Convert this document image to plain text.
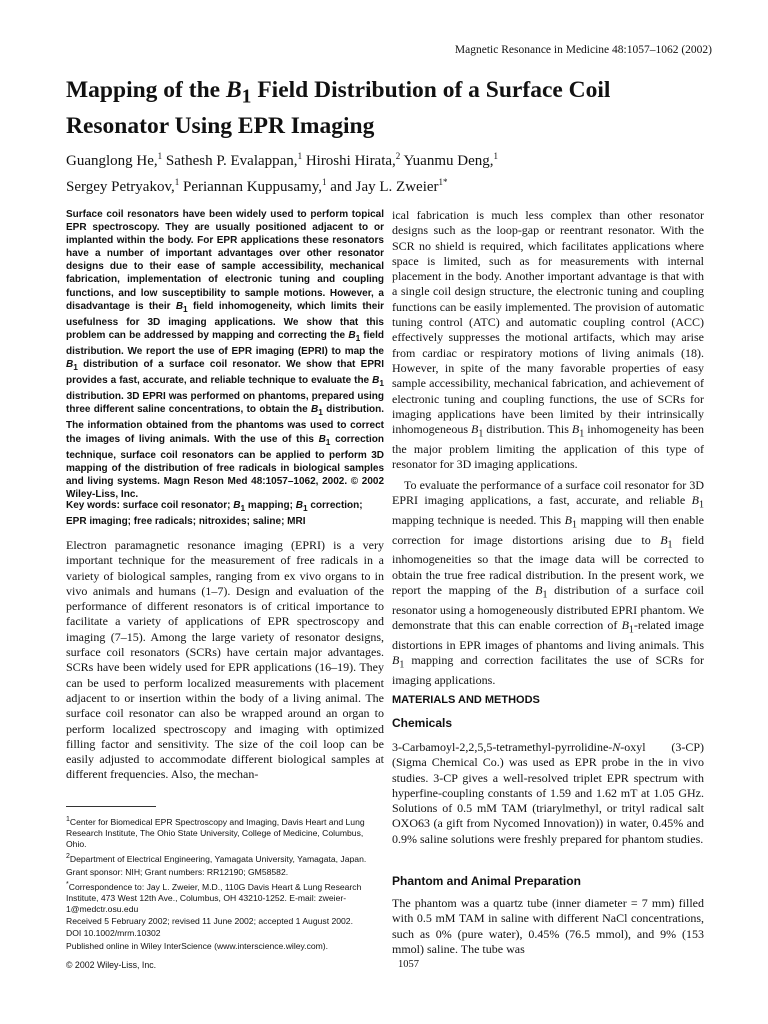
Magnetic Resonance in Medicine 48:1057–1062 (2002)
Mapping of the $B_1$ Field Distribution of a Surface Coil Resonator Using EPR Imaging
Guanglong He,$^1$ Sathesh P. Evalappan,$^1$ Hiroshi Hirata,$^2$ Yuanmu Deng,$^1$
Sergey Petryakov,$^1$ Periannan Kuppusamy,$^1$ and Jay L. Zweier$^{1*}$

Surface coil resonators have been widely used to perform topical EPR spectroscopy. They are usually positioned adjacent to or implanted within the body. For EPR applications these resonators have a number of important advantages over other resonator designs due to their ease of sample accessibility, mechanical fabrication, implementation of electronic tuning and coupling functions, and low susceptibility to sample motions. However, a disadvantage is their $B_1$ field inhomogeneity, which limits their usefulness for 3D imaging applications. We show that this problem can be addressed by mapping and correcting the $B_1$ field distribution. We report the use of EPR imaging (EPRI) to map the $B_1$ distribution of a surface coil resonator. We show that EPRI provides a fast, accurate, and reliable technique to evaluate the $B_1$ distribution. 3D EPRI was performed on phantoms, prepared using three different saline concentrations, to obtain the $B_1$ distribution. The information obtained from the phantoms was used to correct the images of living animals. With the use of this $B_1$ correction technique, surface coil resonators can be applied to perform 3D mapping of the distribution of free radicals in biological samples and living systems. Magn Reson Med 48:1057–1062, 2002. © 2002 Wiley-Liss, Inc.

Key words: surface coil resonator; $B_1$ mapping; $B_1$ correction; EPR imaging; free radicals; nitroxides; saline; MRI

Electron paramagnetic resonance imaging (EPRI) is a very important technique for the measurement of free radicals in a variety of biological samples, ranging from ex vivo organs to in vivo animals and humans (1–7). Design and evaluation of the performance of different resonators is of critical importance to facilitate a variety of applications of EPR spectroscopy and imaging (7–15). Among the large variety of resonator designs, surface coil resonators (SCRs) have certain major advantages. SCRs have been widely used for EPR applications (16–19). They can be used to perform localized measurements with placement adjacent to or insertion within the body of a living animal. The surface coil resonator can also be wrapped around an organ to perform localized spectroscopy and imaging with optimized filling factor and sensitivity. The size of the coil loop can be easily adjusted to accommodate different biological samples at different frequencies. Also, the mechan-

ical fabrication is much less complex than other resonator designs such as the loop-gap or reentrant resonator. With the SCR no shield is required, which facilitates applications where space is limited, such as for measurements with internal placement in the body. Another important advantage is that with a single coil design structure, the electronic tuning and coupling functions can be easily implemented. The provision of automatic tuning control (ATC) and automatic coupling control (ACC) effectively suppresses the motional artifacts, which may arise from cardiac or respiratory motions of living animals (18). However, in spite of the many favorable properties of easy sample accessibility, mechanical fabrication, and achievement of electronic tuning and coupling functions, the use of SCRs for imaging applications have been limited by their intrinsically inhomogeneous $B_1$ distribution. This $B_1$ inhomogeneity has been the major problem limiting the application of this type of resonator for 3D imaging applications.

 To evaluate the performance of a surface coil resonator for 3D EPRI imaging applications, a fast, accurate, and reliable $B_1$ mapping technique is needed. This $B_1$ mapping will then enable correction for image distortions arising due to $B_1$ field inhomogeneities so that the image data will be corrected to obtain the true free radical distribution. In the present work, we report the mapping of the $B_1$ distribution of a surface coil resonator using a homogeneously distributed EPRI phantom. We demonstrate that this can enable correction of $B_1$-related image distortions in EPR images of phantoms and living animals. This $B_1$ mapping and correction facilitates the use of SCRs for imaging applications.

MATERIALS AND METHODS
Chemicals

3-Carbamoyl-2,2,5,5-tetramethyl-pyrrolidine-N-oxyl (3-CP) (Sigma Chemical Co.) was used as EPR probe in the in vivo studies. 3-CP gives a well-resolved triplet EPR spectrum with hyperfine-coupling constants of 1.59 and 1.62 mT at 1.05 GHz. Solutions of 0.5 mM TAM (triarylmethyl, or trityl radical salt OXO63 (a gift from Nycomed Innovation)) in water, 0.45% and 0.9% saline solutions were freshly prepared for phantom studies.

Phantom and Animal Preparation

The phantom was a quartz tube (inner diameter = 7 mm) filled with 0.5 mM TAM in saline with different NaCl concentrations, such as 0% (pure water), 0.45% (76.5 mmol), and 9% (153 mmol) saline. The tube was

$^1$Center for Biomedical EPR Spectroscopy and Imaging, Davis Heart and Lung Research Institute, The Ohio State University, College of Medicine, Columbus, Ohio.

$^2$Department of Electrical Engineering, Yamagata University, Yamagata, Japan.

Grant sponsor: NIH; Grant numbers: RR12190; GM58582.

*Correspondence to: Jay L. Zweier, M.D., 110G Davis Heart & Lung Research Institute, 473 West 12th Ave., Columbus, OH 43210-1252. E-mail: zweier-1@medctr.osu.edu

Received 5 February 2002; revised 11 June 2002; accepted 1 August 2002.

DOI 10.1002/mrm.10302

Published online in Wiley InterScience (www.interscience.wiley.com).

© 2002 Wiley-Liss, Inc.	1057
